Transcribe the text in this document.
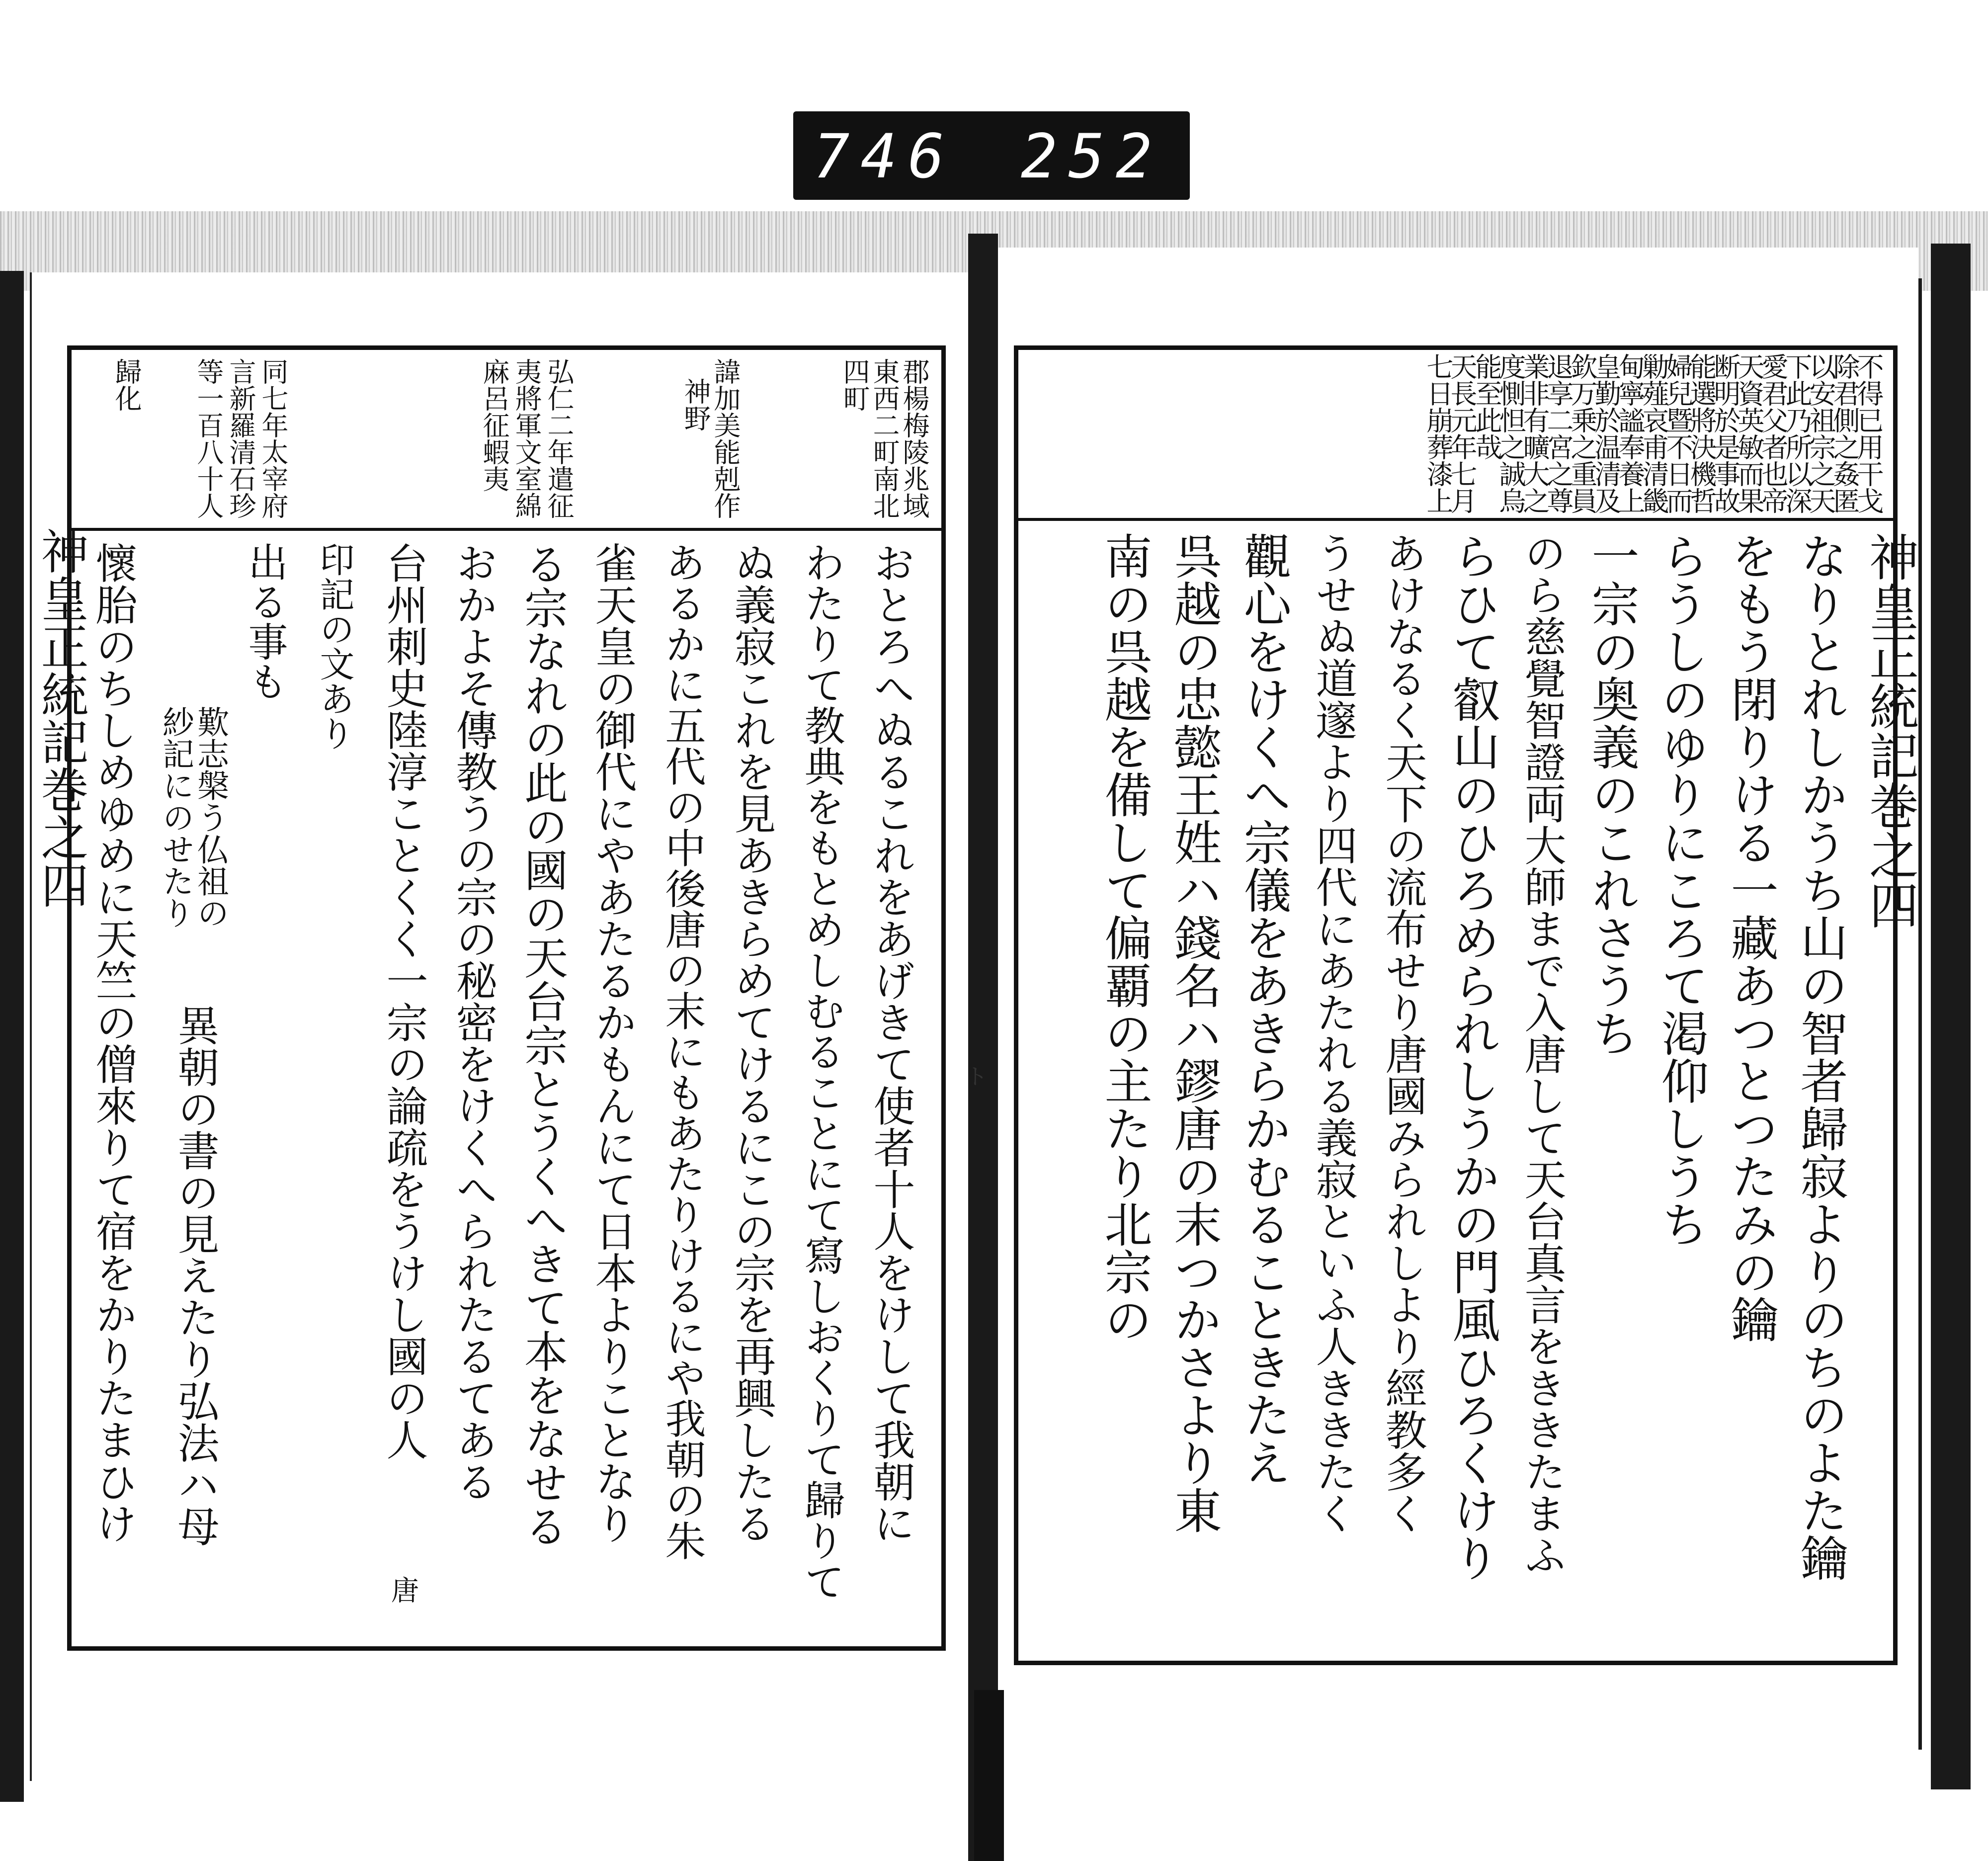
746 252
不得已用干戈
除君側之姦匿
以安祖宗之天
下此乃所以深
愛君父者也帝
天資英敏而果
断明於是事故
能選將決機哲
婦兒暨不日而
勦薤哀甫清畿
甸寧謐奉養上
皇勤於温清及
欽万乗之重員
退享二宮之尊
業非有曠大之
度惻怛之誠烏
能至此哉
天長元年七月
七日崩葬漆上
神皇正統記巻之四
なりとれしかうち山の智者歸寂よりのちのよた鑰
をもう閉りける一藏あつとつたみの鑰
らうしのゆりにころて渇仰しうち
一宗の奥義のこれさうち
のら慈覺智證両大師まで入唐して天台真言をききたまふ
らひて叡山のひろめられしうかの門風ひろくけり
あけなるく天下の流布せり唐國みられしより經教多く
うせぬ道邃より四代にあたれる義寂といふ人ききたく
觀心をけくへ宗儀をあきらかむることきたえ
呉越の忠懿王姓ハ錢名ハ鏐唐の末つかさより東
南の呉越を備して偏覇の主たり北宗の
郡楊梅陵兆域
東西二町南北
四町
諱加美能剋作
神野
弘仁二年遣征
夷將軍文室綿
麻呂征蝦夷
同七年太宰府
言新羅清石珍
等一百八十人
歸化
おとろへぬるこれをあげきて使者十人をけして我朝に
わたりて教典をもとめしむることにて寫しおくりて歸りて
ぬ義寂これを見あきらめてけるにこの宗を再興したる
あるかに五代の中後唐の末にもあたりけるにや我朝の朱
雀天皇の御代にやあたるかもんにて日本よりことなり
る宗なれの此の國の天台宗とうくへきて本をなせる
おかよそ傳教うの宗の秘密をけくへられたるてある
台州刺史陸淳ことくく一宗の論疏をうけし國の人
印記の文あり
出る事も
歎志槃う仏祖の
紗記にのせたり
異朝の書の見えたり弘法ハ母
懷胎のちしめゆめに天竺の僧來りて宿をかりたまひけ
神皇正統記巻之四
唐
ト
